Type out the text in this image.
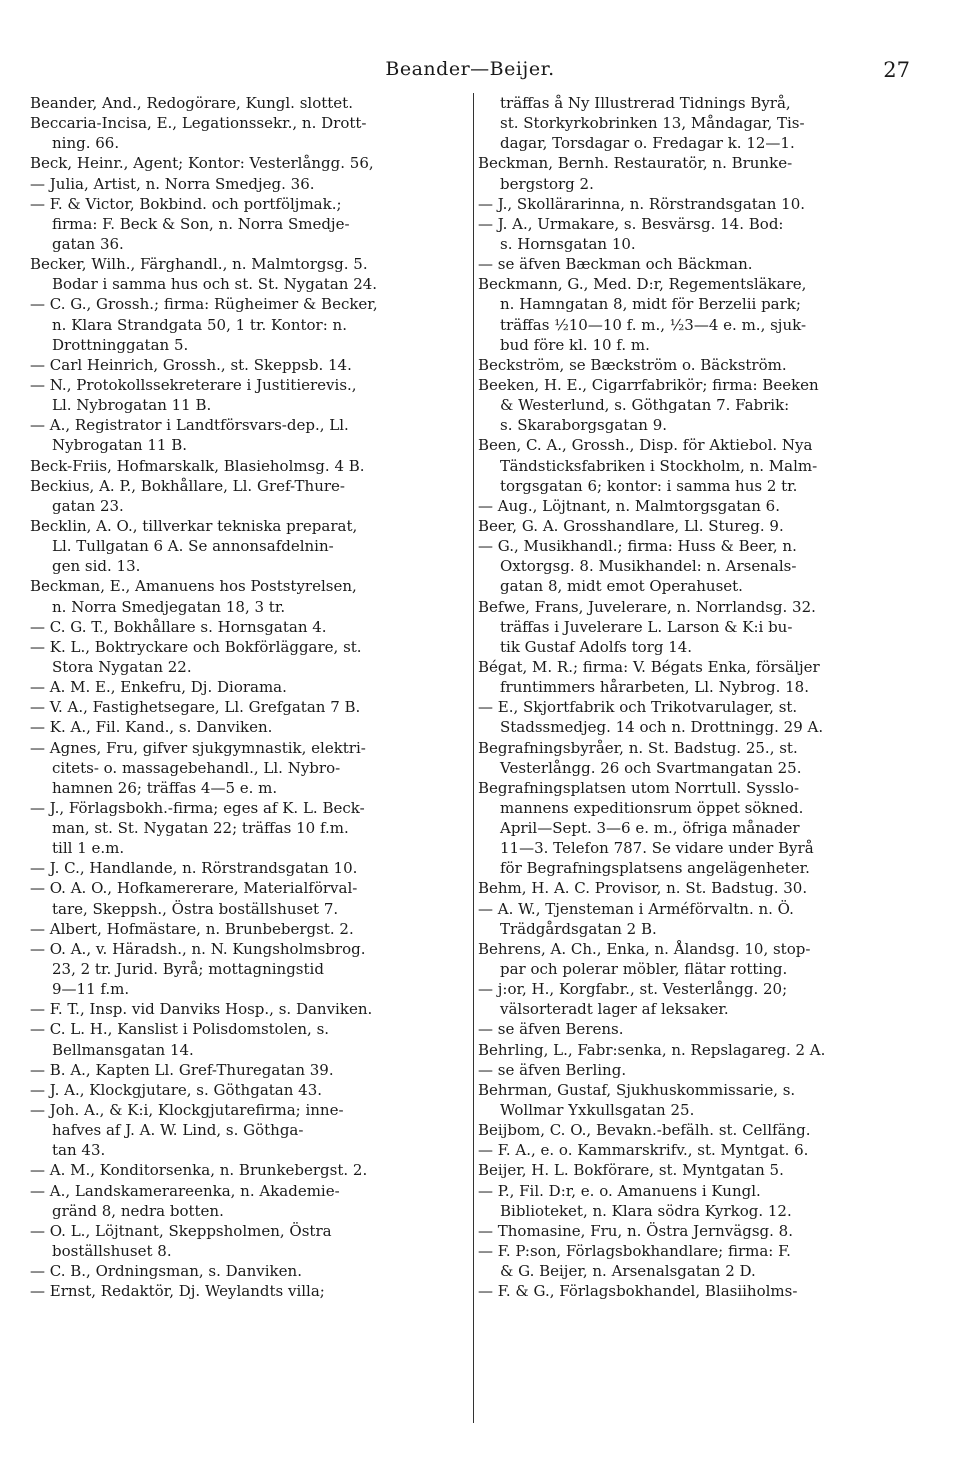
Beander—Beijer.	27
Beander, And., Redogörare, Kungl. slottet.
Beccaria-Incisa, E., Legationssekr., n. Drott-
ning. 66.
Beck, Heinr., Agent; Kontor: Vesterlångg. 56,
— Julia, Artist, n. Norra Smedjeg. 36.
— F. & Victor, Bokbind. och portföljmak.;
firma: F. Beck & Son, n. Norra Smedje-
gatan 36.
Becker, Wilh., Färghandl., n. Malmtorgsg. 5.
Bodar i samma hus och st. St. Nygatan 24.
— C. G., Grossh.; firma: Rügheimer & Becker,
n. Klara Strandgata 50, 1 tr. Kontor: n.
Drottninggatan 5.
— Carl Heinrich, Grossh., st. Skeppsb. 14.
— N., Protokollssekreterare i Justitierevis.,
Ll. Nybrogatan 11 B.
— A., Registrator i Landtförsvars-dep., Ll.
Nybrogatan 11 B.
Beck-Friis, Hofmarskalk, Blasieholmsg. 4 B.
Beckius, A. P., Bokhållare, Ll. Gref-Thure-
gatan 23.
Becklin, A. O., tillverkar tekniska preparat,
Ll. Tullgatan 6 A. Se annonsafdelnin-
gen sid. 13.
Beckman, E., Amanuens hos Poststyrelsen,
n. Norra Smedjegatan 18, 3 tr.
— C. G. T., Bokhållare s. Hornsgatan 4.
— K. L., Boktryckare och Bokförläggare, st.
Stora Nygatan 22.
— A. M. E., Enkefru, Dj. Diorama.
— V. A., Fastighetsegare, Ll. Grefgatan 7 B.
— K. A., Fil. Kand., s. Danviken.
— Agnes, Fru, gifver sjukgymnastik, elektri-
citets- o. massagebehandl., Ll. Nybro-
hamnen 26; träffas 4—5 e. m.
— J., Förlagsbokh.-firma; eges af K. L. Beck-
man, st. St. Nygatan 22; träffas 10 f.m.
till 1 e.m.
— J. C., Handlande, n. Rörstrandsgatan 10.
— O. A. O., Hofkamererare, Materialförval-
tare, Skeppsh., Östra boställshuset 7.
— Albert, Hofmästare, n. Brunbebergst. 2.
— O. A., v. Häradsh., n. N. Kungsholmsbrog.
23, 2 tr. Jurid. Byrå; mottagningstid
9—11 f.m.
— F. T., Insp. vid Danviks Hosp., s. Danviken.
— C. L. H., Kanslist i Polisdomstolen, s.
Bellmansgatan 14.
— B. A., Kapten Ll. Gref-Thuregatan 39.
— J. A., Klockgjutare, s. Göthgatan 43.
— Joh. A., & K:i, Klockgjutarefirma; inne-
hafves af J. A. W. Lind, s. Göthga-
tan 43.
— A. M., Konditorsenka, n. Brunkebergst. 2.
— A., Landskamerareenka, n. Akademie-
gränd 8, nedra botten.
— O. L., Löjtnant, Skeppsholmen, Östra
boställshuset 8.
— C. B., Ordningsman, s. Danviken.
— Ernst, Redaktör, Dj. Weylandts villa;
träffas å Ny Illustrerad Tidnings Byrå,
st. Storkyrkobrinken 13, Måndagar, Tis-
dagar, Torsdagar o. Fredagar k. 12—1.
Beckman, Bernh. Restauratör, n. Brunke-
bergstorg 2.
— J., Skollärarinna, n. Rörstrandsgatan 10.
— J. A., Urmakare, s. Besvärsg. 14. Bod:
s. Hornsgatan 10.
— se äfven Bæckman och Bäckman.
Beckmann, G., Med. D:r, Regementsläkare,
n. Hamngatan 8, midt för Berzelii park;
träffas ½10—10 f. m., ½3—4 e. m., sjuk-
bud före kl. 10 f. m.
Beckström, se Bæckström o. Bäckström.
Beeken, H. E., Cigarrfabrikör; firma: Beeken
& Westerlund, s. Göthgatan 7. Fabrik:
s. Skaraborgsgatan 9.
Been, C. A., Grossh., Disp. för Aktiebol. Nya
Tändsticksfabriken i Stockholm, n. Malm-
torgsgatan 6; kontor: i samma hus 2 tr.
— Aug., Löjtnant, n. Malmtorgsgatan 6.
Beer, G. A. Grosshandlare, Ll. Stureg. 9.
— G., Musikhandl.; firma: Huss & Beer, n.
Oxtorgsg. 8. Musikhandel: n. Arsenals-
gatan 8, midt emot Operahuset.
Befwe, Frans, Juvelerare, n. Norrlandsg. 32.
träffas i Juvelerare L. Larson & K:i bu-
tik Gustaf Adolfs torg 14.
Bégat, M. R.; firma: V. Bégats Enka, försäljer
fruntimmers hårarbeten, Ll. Nybrog. 18.
— E., Skjortfabrik och Trikotvarulager, st.
Stadssmedjeg. 14 och n. Drottningg. 29 A.
Begrafningsbyråer, n. St. Badstug. 25., st.
Vesterlångg. 26 och Svartmangatan 25.
Begrafningsplatsen utom Norrtull. Sysslo-
mannens expeditionsrum öppet sökned.
April—Sept. 3—6 e. m., öfriga månader
11—3. Telefon 787. Se vidare under Byrå
för Begrafningsplatsens angelägenheter.
Behm, H. A. C. Provisor, n. St. Badstug. 30.
— A. W., Tjensteman i Arméförvaltn. n. Ö.
Trädgårdsgatan 2 B.
Behrens, A. Ch., Enka, n. Ålandsg. 10, stop-
par och polerar möbler, flätar rotting.
— j:or, H., Korgfabr., st. Vesterlångg. 20;
välsorteradt lager af leksaker.
— se äfven Berens.
Behrling, L., Fabr:senka, n. Repslagareg. 2 A.
— se äfven Berling.
Behrman, Gustaf, Sjukhuskommissarie, s.
Wollmar Yxkullsgatan 25.
Beijbom, C. O., Bevakn.-befälh. st. Cellfäng.
— F. A., e. o. Kammarskrifv., st. Myntgat. 6.
Beijer, H. L. Bokförare, st. Myntgatan 5.
— P., Fil. D:r, e. o. Amanuens i Kungl.
Biblioteket, n. Klara södra Kyrkog. 12.
— Thomasine, Fru, n. Östra Jernvägsg. 8.
— F. P:son, Förlagsbokhandlare; firma: F.
& G. Beijer, n. Arsenalsgatan 2 D.
— F. & G., Förlagsbokhandel, Blasiiholms-
